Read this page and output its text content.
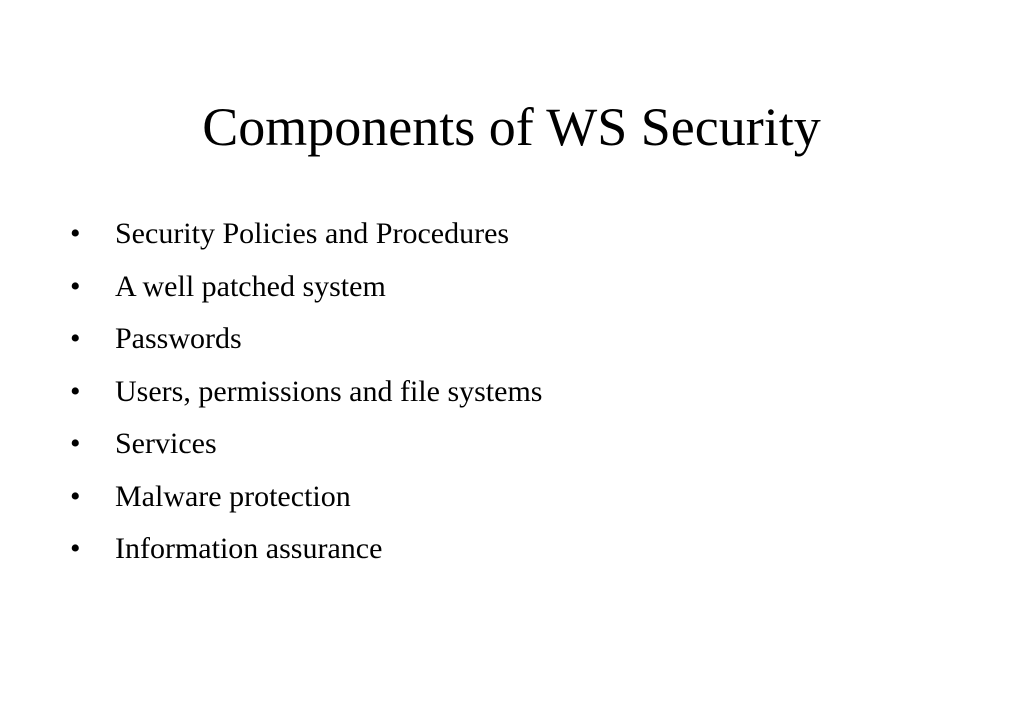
Components of WS Security
•	Security Policies and Procedures
•	A well patched system
•	Passwords
•	Users, permissions and file systems
•	Services
•	Malware protection
•	Information assurance
